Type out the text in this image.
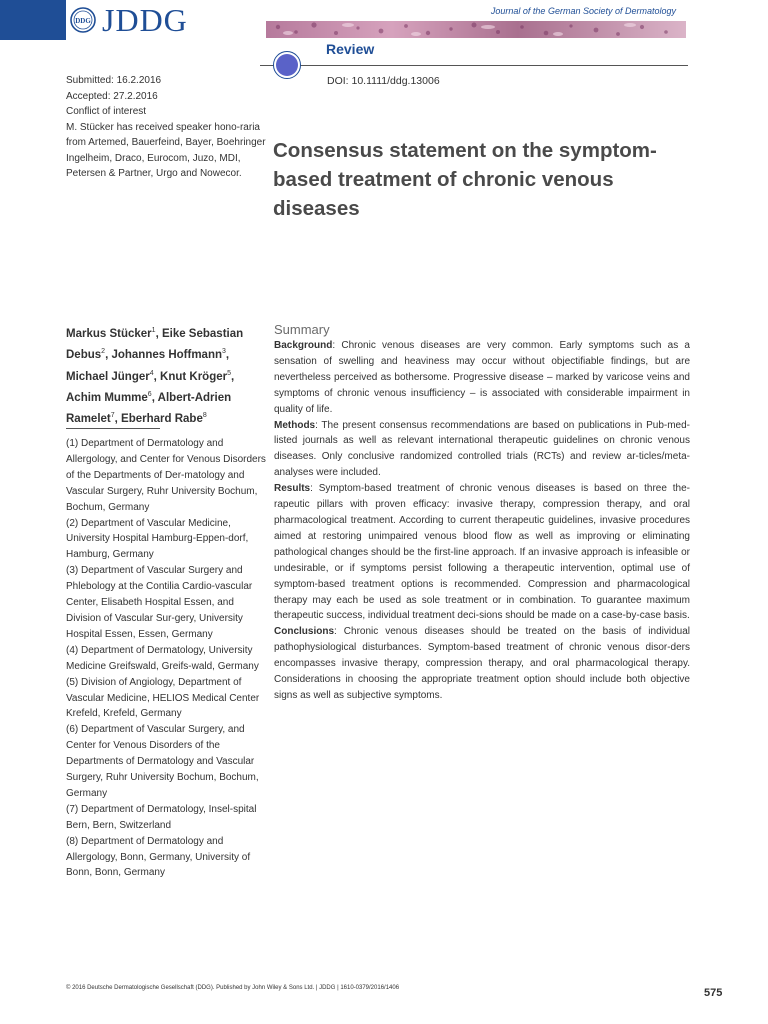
DDG JDDG	Journal of the German Society of Dermatology
Review
DOI: 10.1111/ddg.13006

Submitted: 16.2.2016

Accepted: 27.2.2016

Conflict of interest

M. Stücker has received speaker hono-raria from Artemed, Bauerfeind, Bayer, Boehringer Ingelheim, Draco, Eurocom, Juzo, MDI, Petersen & Partner, Urgo and Nowecor.

Consensus statement on the symptom-based treatment of chronic venous diseases
Markus Stücker$^1$, Eike Sebastian Debus$^2$, Johannes Hoffmann$^3$, Michael Jünger$^4$, Knut Kröger$^5$, Achim Mumme$^6$, Albert-Adrien Ramelet$^7$, Eberhard Rabe$^8$
(1) Department of Dermatology and Allergology, and Center for Venous Disorders of the Departments of Der-matology and Vascular Surgery, Ruhr University Bochum, Bochum, Germany
(2) Department of Vascular Medicine, University Hospital Hamburg-Eppen-dorf, Hamburg, Germany
(3) Department of Vascular Surgery and Phlebology at the Contilia Cardio-vascular Center, Elisabeth Hospital Essen, and Division of Vascular Sur-gery, University Hospital Essen, Essen, Germany
(4) Department of Dermatology, University Medicine Greifswald, Greifs-wald, Germany
(5) Division of Angiology, Department of Vascular Medicine, HELIOS Medical Center Krefeld, Krefeld, Germany
(6) Department of Vascular Surgery, and Center for Venous Disorders of the Departments of Dermatology and Vascular Surgery, Ruhr University Bochum, Bochum, Germany
(7) Department of Dermatology, Insel-spital Bern, Bern, Switzerland
(8) Department of Dermatology and Allergology, Bonn, Germany, University of Bonn, Bonn, Germany
Summary

Background: Chronic venous diseases are very common. Early symptoms such as a sensation of swelling and heaviness may occur without objectifiable findings, but are nevertheless perceived as bothersome. Progressive disease – marked by varicose veins and symptoms of chronic venous insufficiency – is associated with considerable impairment in quality of life.

Methods: The present consensus recommendations are based on publications in Pub-med-listed journals as well as relevant international therapeutic guidelines on chronic venous diseases. Only conclusive randomized controlled trials (RCTs) and review ar-ticles/meta-analyses were included.

Results: Symptom-based treatment of chronic venous diseases is based on three the-rapeutic pillars with proven efficacy: invasive therapy, compression therapy, and oral pharmacological treatment. According to current therapeutic guidelines, invasive procedures aimed at restoring unimpaired venous blood flow as well as improving or eliminating pathological changes should be the first-line approach. If an invasive approach is infeasible or undesirable, or if symptoms persist following a therapeutic intervention, optimal use of symptom-based treatment options is recommended. Compression and pharmacological therapy may each be used as sole treatment or in combination. To guarantee maximum therapeutic success, individual treatment deci-sions should be made on a case-by-case basis.

Conclusions: Chronic venous diseases should be treated on the basis of individual pathophysiological disturbances. Symptom-based treatment of chronic venous disor-ders encompasses invasive therapy, compression therapy, and oral pharmacological therapy. Considerations in choosing the appropriate treatment option should include both objective signs as well as subjective symptoms.

© 2016 Deutsche Dermatologische Gesellschaft (DDG). Published by John Wiley & Sons Ltd. | JDDG | 1610-0379/2016/1406	575
